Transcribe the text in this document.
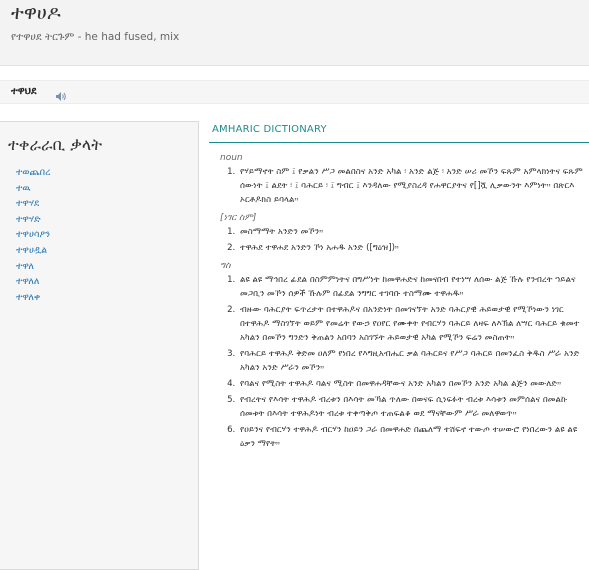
ተዋሀዶ
የተዋሀደ ትርጉም - he had fused, mix
ተዋህደ
ተቀራራቢ ቃላት
ተወጨበረ
ተዉ
ተዋሃደ
ተዋሃድ
ተዋሀሳዖን
ተዋሀዷል
ተዋለ
ተዋለለ
ተዋለቀ
AMHARIC DICTIONARY
noun
1. የሃይማኖት ስም ፤ የቃልን ሥጋ መልበስና አንድ አካል ፡ አንድ ልጅ ፡ አንድ ሠሪ መኾን ፍጹም አምላክነትና ፍጹም ሰውነት ፤ ልደት ፡ ፤ ባሕርይ ፡ ፤ ግብር ፤ እንዳለው የሚያስረዳ የሐዋርያትና የ[]ሿ ሊቃውንት እምነት። በጽርእ ኦርቶዶክስ ይባላል።
[ነገር ስም]
1. መስማማት አንድን መኾን።
2. ተዋሕደ ተዋሐደ አንድን ኾነ አሐዱ አንድ ([ግዕዝ])።
ግስ
1. ልዩ ልዩ ማኅበረ ፊደል በስምምነትና በግሥነት ከመዋሐድና ከመናበብ የተነሣ ለሰው ልጅ ኹሉ የንብረት ኀይልና መጋቢን መኾን ሰዎች ኹሉም በፊደል ንግግር ተገባቡ ተስማሙ ተዋሐዱ።
2. ብዙው ባሕርያት ፍጥረታት በተዋሕዶና በአንድነት በመገናኘት አንድ ባሕርያዊ ሕይወታዊ የሚኾነውን ነገር በተዋሕዶ ማስገኘት ወይም የመሬት የውኃ የዐየር የሙቀት የብርሃን ባሕርይ ለዛፍ ለእኽል ለሣር ባሕርይ ቁመተ አካልን በመኾን ግንድን ቅጠልን አበባን አስገኙት ሕይወታዊ አካል የሚኾን ፍሬን መስጠት።
3. የባሕርይ ተዋሕዶ ቅድመ ዐለም የነበረ የእግዚአብሔር ቃል ባሕርይና የሥጋ ባሕርይ በመንፈስ ቅዱስ ሥራ አንድ አካልን አንድ ሥራን መኾን።
4. የባልና የሚስት ተዋሕዶ ባልና ሚስት በመዋሐዳቸውና አንድ አካልን በመኾን አንድ አካል ልጅን መውለድ።
5. የብረትና የእሳት ተዋሕዶ ብረቱን በእሳት መኻል ጥለው በወናፍ ሲነፍፉት ብረቱ እሳቱን መምሰልና በመልኩ ሰመቱት በእሳት ተዋሕዶነት ብረቱ ተቀጣቅጦ ተጠፍልቆ ወደ ማናቸውም ሥራ መለዋወጥ።
6. የዐይንና የብርሃን ተዋሕዶ ብርሃን ከዐይን ጋራ በመዋሐድ በጨለማ ተሸፍኖ ተውጦ ተሠውሮ የነበረውን ልዩ ልዩ ዕቃን ማየት።
